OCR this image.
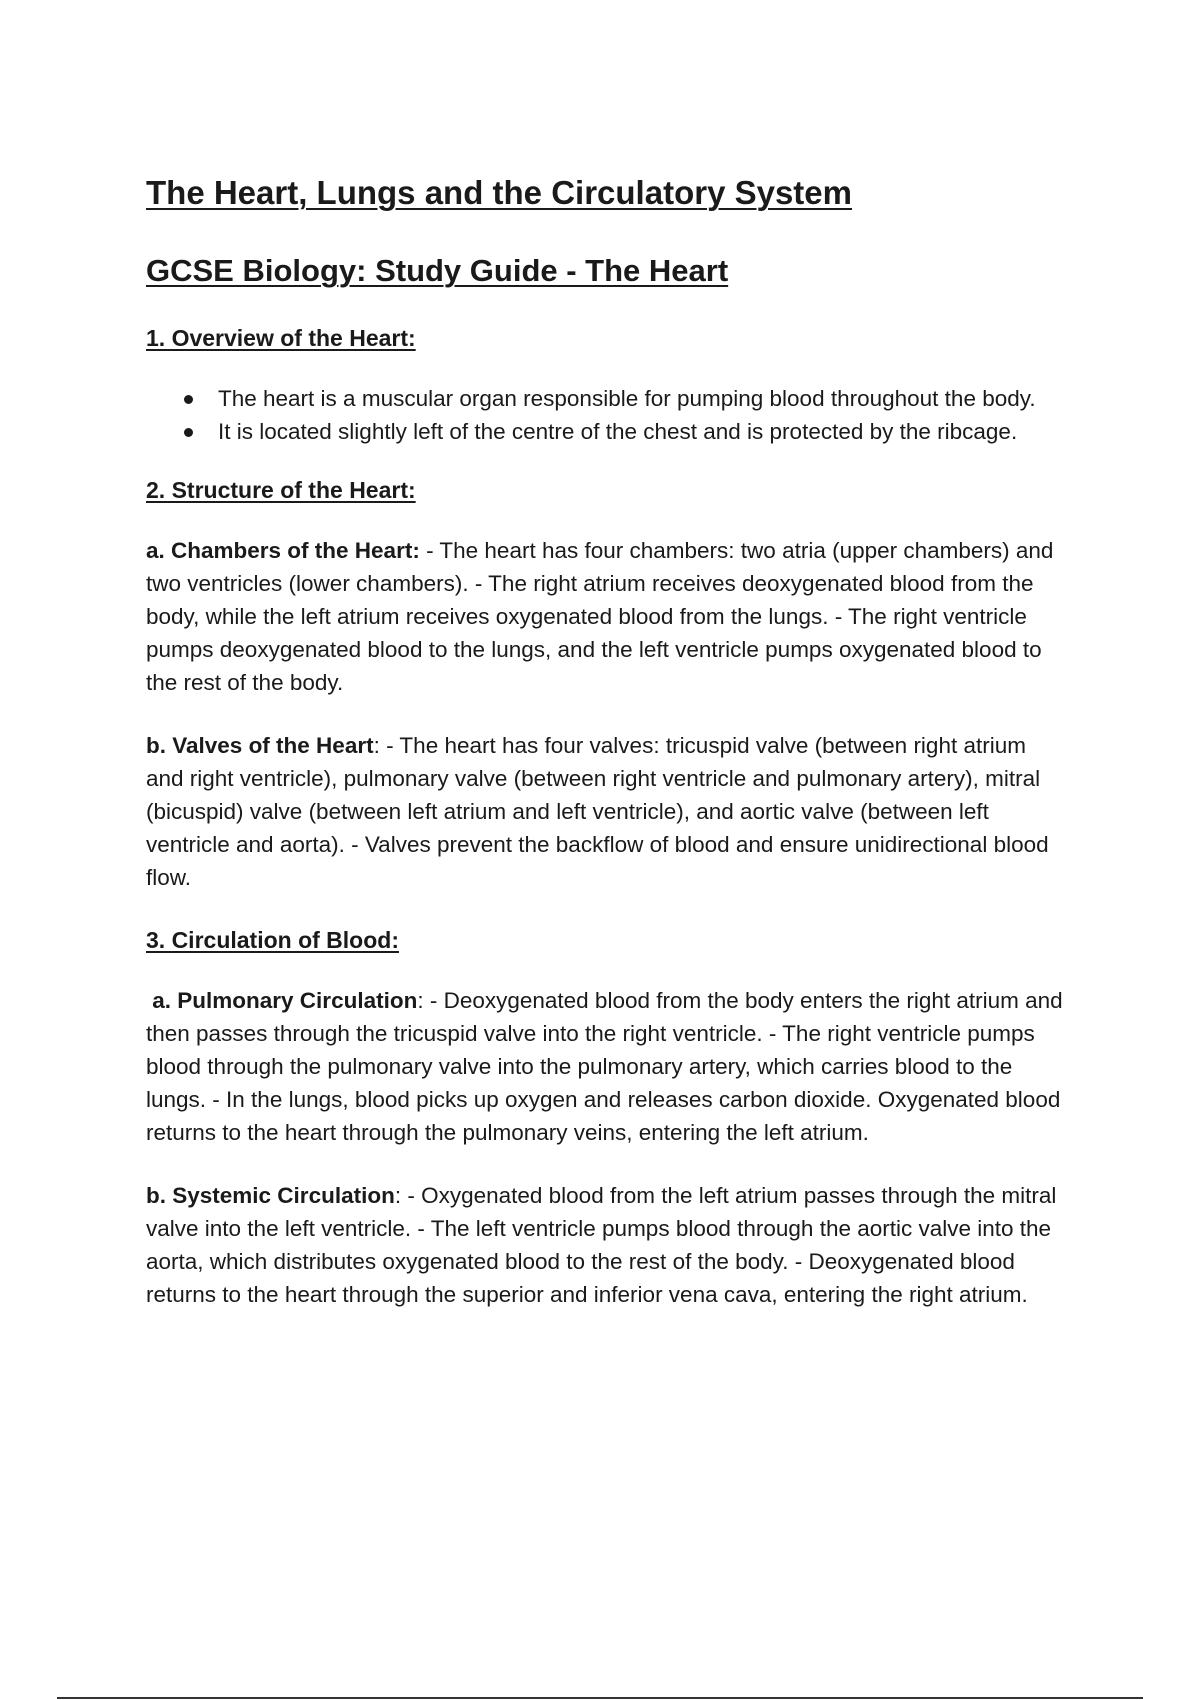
The Heart, Lungs and the Circulatory System
GCSE Biology: Study Guide - The Heart
1. Overview of the Heart:
The heart is a muscular organ responsible for pumping blood throughout the body.
It is located slightly left of the centre of the chest and is protected by the ribcage.
2. Structure of the Heart:

a. Chambers of the Heart: - The heart has four chambers: two atria (upper chambers) and two ventricles (lower chambers). - The right atrium receives deoxygenated blood from the body, while the left atrium receives oxygenated blood from the lungs. - The right ventricle pumps deoxygenated blood to the lungs, and the left ventricle pumps oxygenated blood to the rest of the body.

b. Valves of the Heart: - The heart has four valves: tricuspid valve (between right atrium and right ventricle), pulmonary valve (between right ventricle and pulmonary artery), mitral (bicuspid) valve (between left atrium and left ventricle), and aortic valve (between left ventricle and aorta). - Valves prevent the backflow of blood and ensure unidirectional blood flow.

3. Circulation of Blood:

a. Pulmonary Circulation: - Deoxygenated blood from the body enters the right atrium and then passes through the tricuspid valve into the right ventricle. - The right ventricle pumps blood through the pulmonary valve into the pulmonary artery, which carries blood to the lungs. - In the lungs, blood picks up oxygen and releases carbon dioxide. Oxygenated blood returns to the heart through the pulmonary veins, entering the left atrium.

b. Systemic Circulation: - Oxygenated blood from the left atrium passes through the mitral valve into the left ventricle. - The left ventricle pumps blood through the aortic valve into the aorta, which distributes oxygenated blood to the rest of the body. - Deoxygenated blood returns to the heart through the superior and inferior vena cava, entering the right atrium.
